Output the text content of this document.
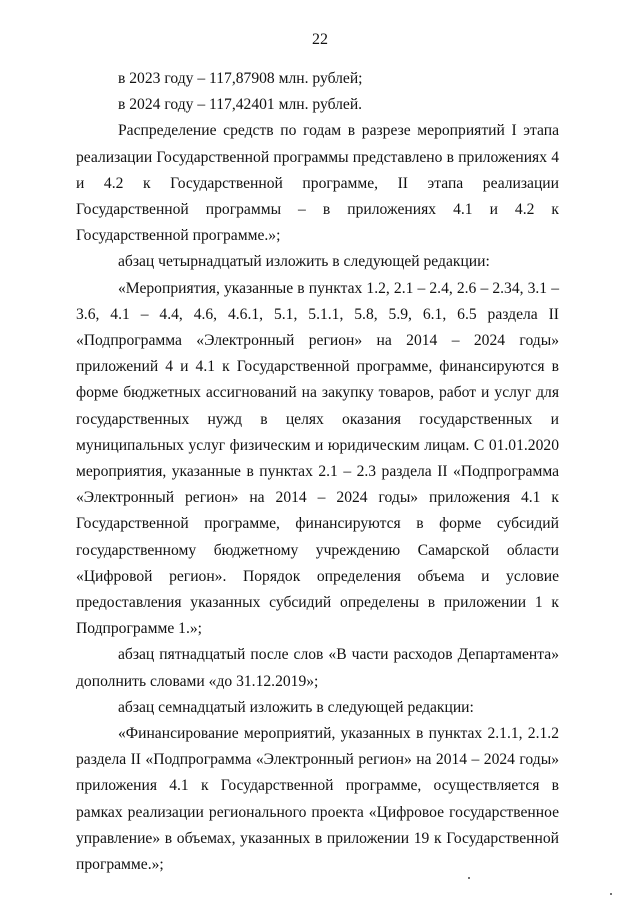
22

в 2023 году – 117,87908 млн. рублей;

в 2024 году – 117,42401 млн. рублей.

Распределение средств по годам в разрезе мероприятий I этапа реализации Государственной программы представлено в приложениях 4 и 4.2 к Государственной программе, II этапа реализации Государственной программы – в приложениях 4.1 и 4.2 к Государственной программе.»;

абзац четырнадцатый изложить в следующей редакции:

«Мероприятия, указанные в пунктах 1.2, 2.1 – 2.4, 2.6 – 2.34, 3.1 – 3.6, 4.1 – 4.4, 4.6, 4.6.1, 5.1, 5.1.1, 5.8, 5.9, 6.1, 6.5 раздела II «Подпрограмма «Электронный регион» на 2014 – 2024 годы» приложений 4 и 4.1 к Государственной программе, финансируются в форме бюджетных ассигнований на закупку товаров, работ и услуг для государственных нужд в целях оказания государственных и муниципальных услуг физическим и юридическим лицам. С 01.01.2020 мероприятия, указанные в пунктах 2.1 – 2.3 раздела II «Подпрограмма «Электронный регион» на 2014 – 2024 годы» приложения 4.1 к Государственной программе, финансируются в форме субсидий государственному бюджетному учреждению Самарской области «Цифровой регион». Порядок определения объема и условие предоставления указанных субсидий определены в приложении 1 к Подпрограмме 1.»;

абзац пятнадцатый после слов «В части расходов Департамента» дополнить словами «до 31.12.2019»;

абзац семнадцатый изложить в следующей редакции:

«Финансирование мероприятий, указанных в пунктах 2.1.1, 2.1.2 раздела II «Подпрограмма «Электронный регион» на 2014 – 2024 годы» приложения 4.1 к Государственной программе, осуществляется в рамках реализации регионального проекта «Цифровое государственное управление» в объемах, указанных в приложении 19 к Государственной программе.»;
